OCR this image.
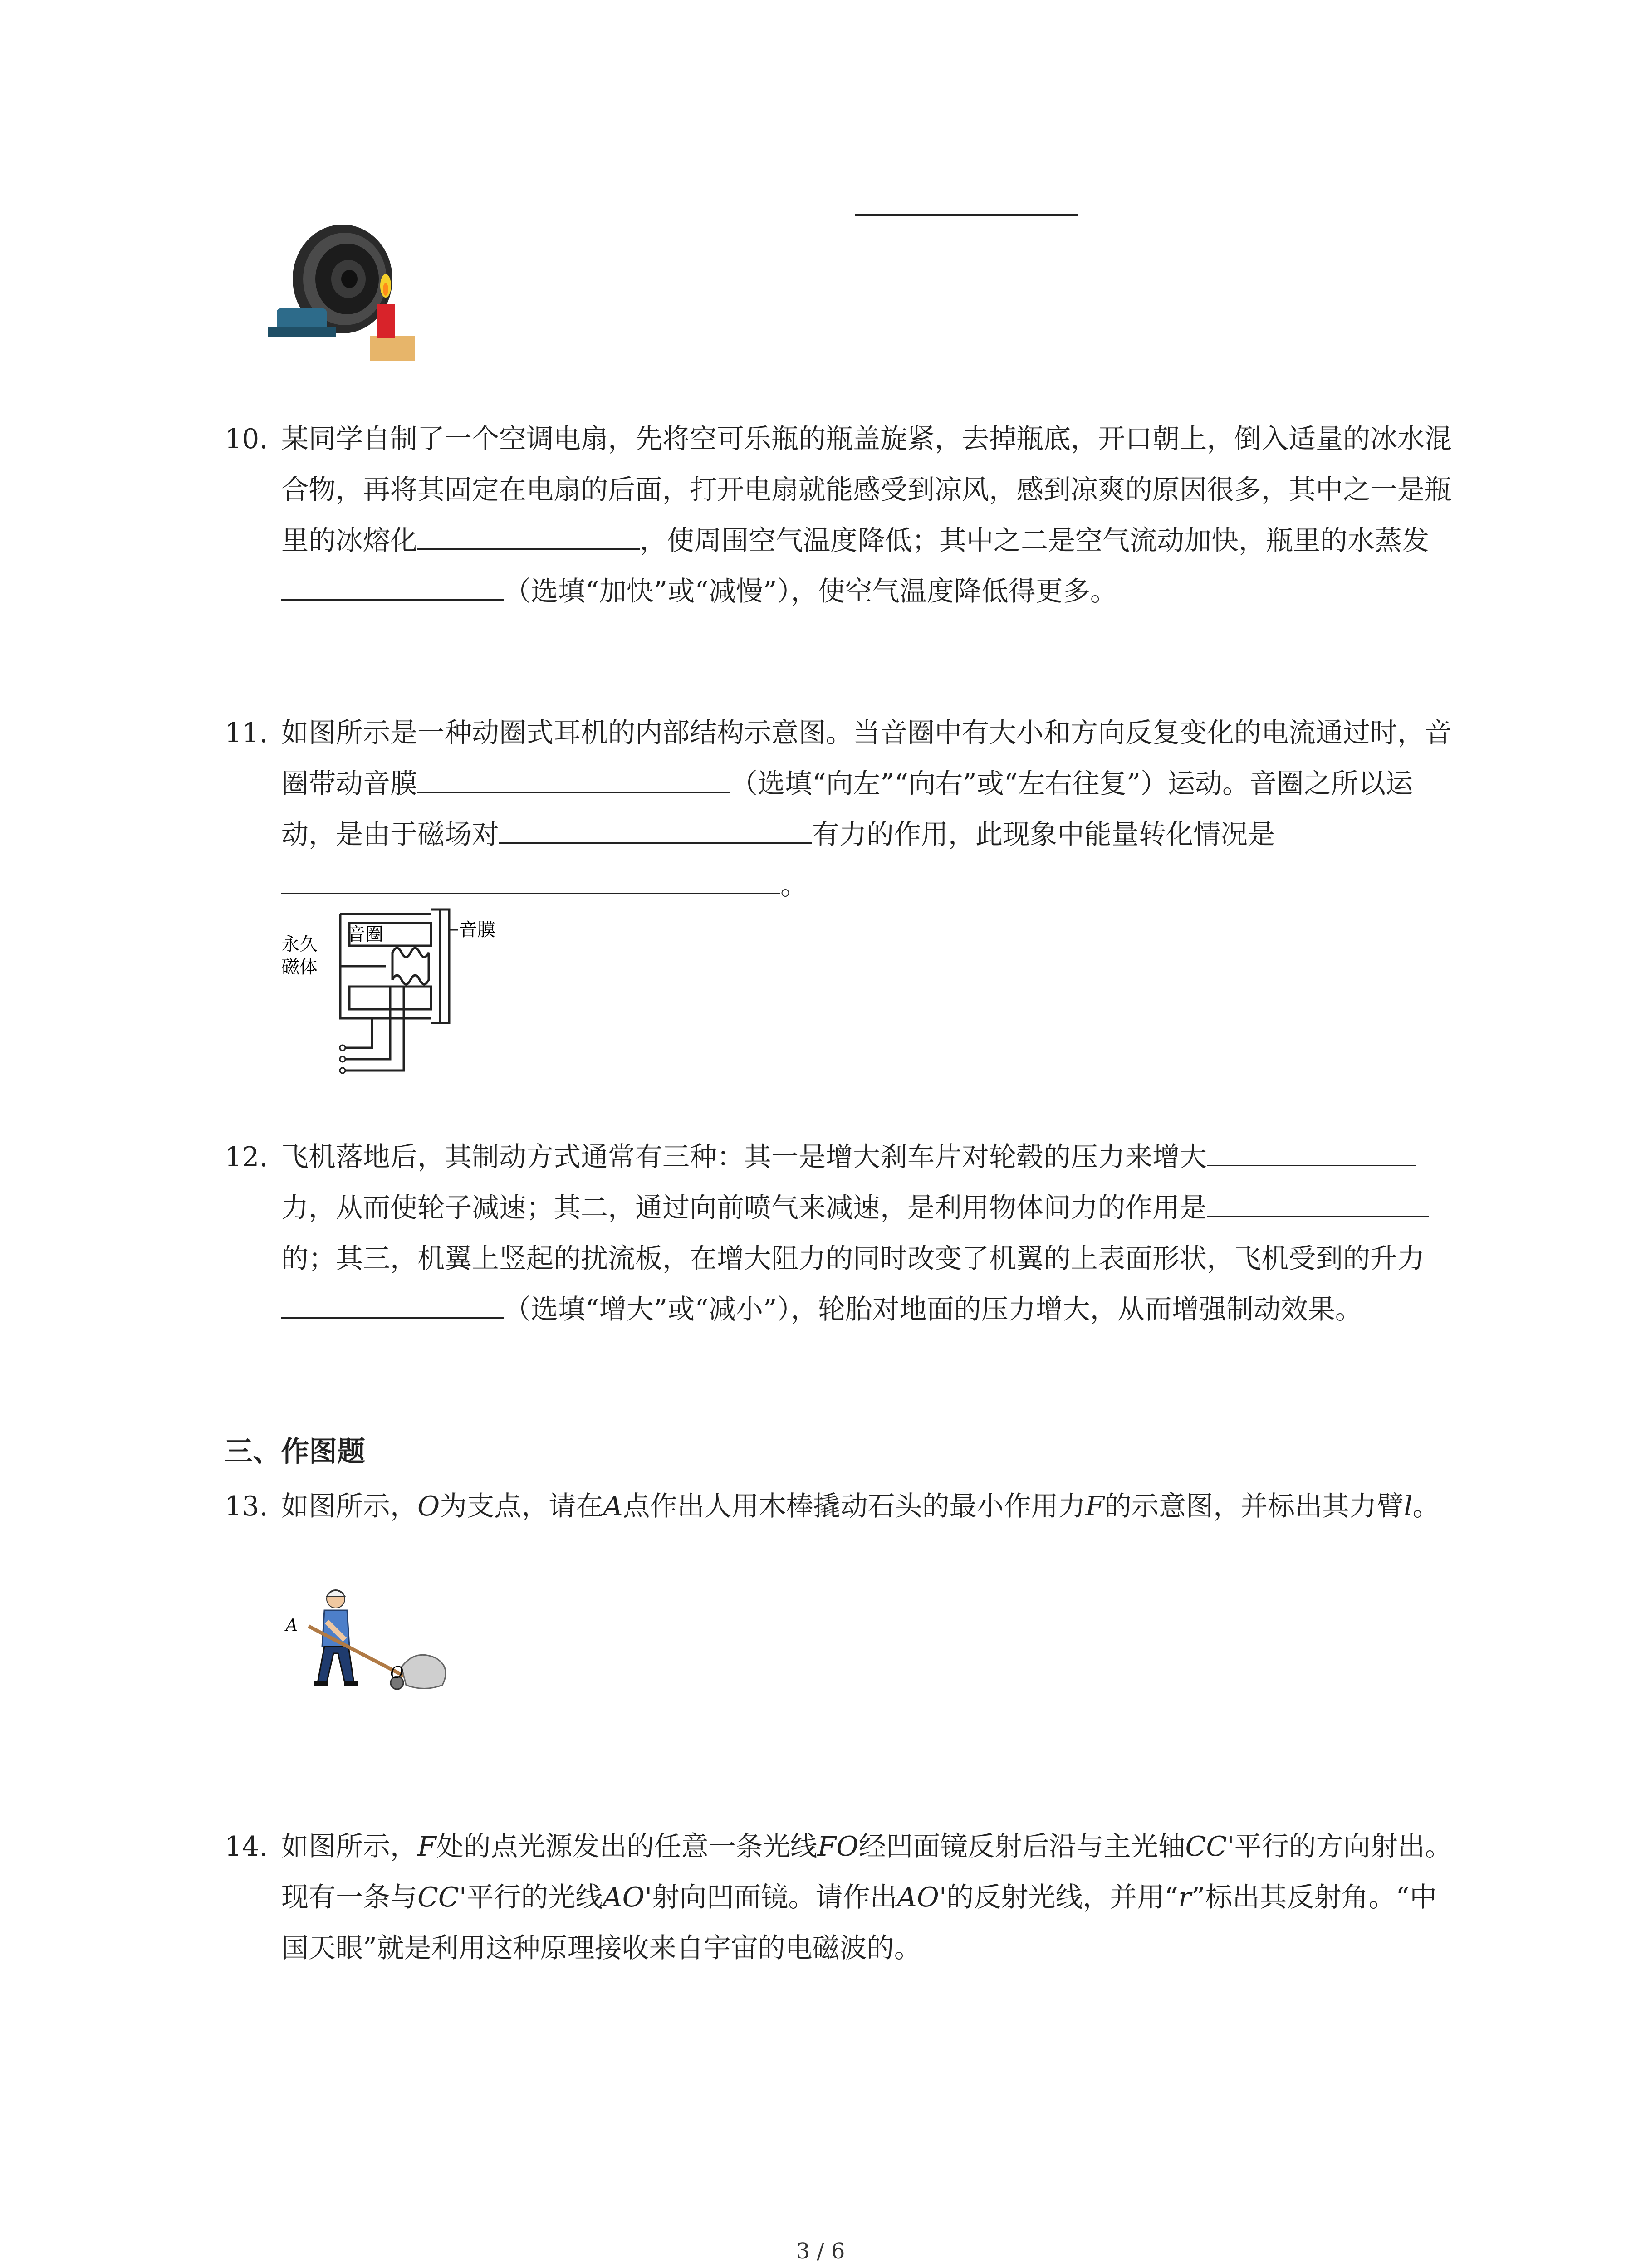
10. 某同学自制了一个空调电扇，先将空可乐瓶的瓶盖旋紧，去掉瓶底，开口朝上，倒入适量的冰水混合物，再将其固定在电扇的后面，打开电扇就能感受到凉风，感到凉爽的原因很多，其中之一是瓶里的冰熔化	，使周围空气温度降低；其中之二是空气流动加快，瓶里的水蒸发（选填“加快”或“减慢”），使空气温度降低得更多。
11. 如图所示是一种动圈式耳机的内部结构示意图。当音圈中有大小和方向反复变化的电流通过时，音圈带动音膜	（选填“向左”“向右”或“左右往复”）运动。音圈之所以运动，是由于磁场对	有力的作用，此现象中能量转化情况是。
音圈	音膜
永久
磁体
12. 飞机落地后，其制动方式通常有三种：其一是增大刹车片对轮毂的压力来增大力，从而使轮子减速；其二，通过向前喷气来减速，是利用物体间力的作用是的；其三，机翼上竖起的扰流板，在增大阻力的同时改变了机翼的上表面形状，飞机受到的升力（选填“增大”或“减小”），轮胎对地面的压力增大，从而增强制动效果。
三、作图题
13. 如图所示，O为支点，请在A点作出人用木棒撬动石头的最小作用力F的示意图，并标出其力臂l。
A
O
14. 如图所示，F处的点光源发出的任意一条光线FO经凹面镜反射后沿与主光轴CC'平行的方向射出。现有一条与CC'平行的光线AO'射向凹面镜。请作出AO'的反射光线，并用“r”标出其反射角。“中国天眼”就是利用这种原理接收来自宇宙的电磁波的。
3 / 6
